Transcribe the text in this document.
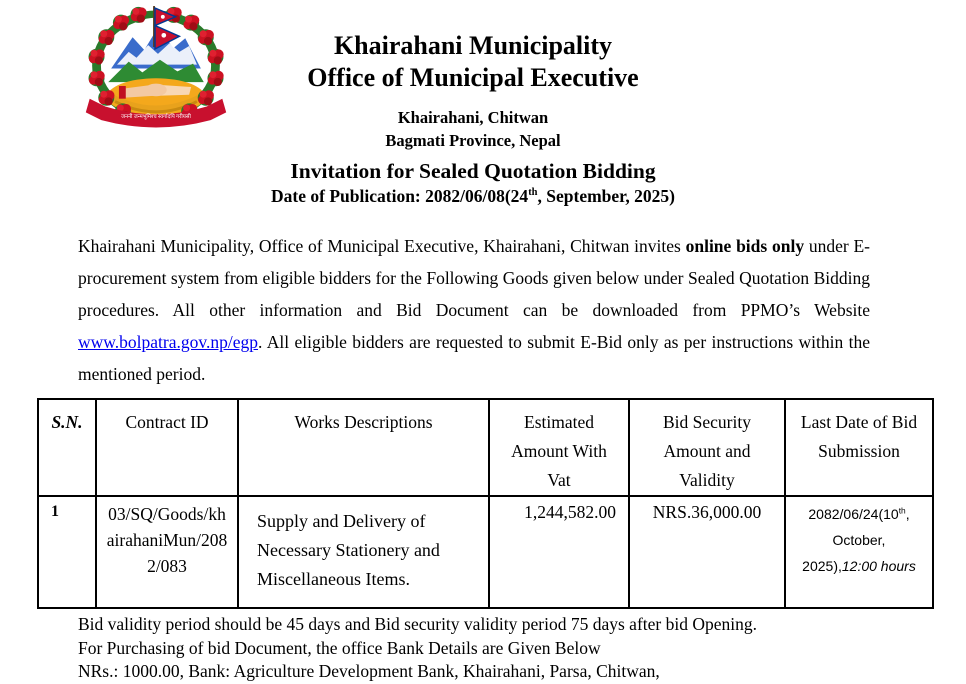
जननी जन्मभूमिश्च स्वर्गादपि गरीयसी
Khairahani Municipality
Office of Municipal Executive
Khairahani, Chitwan
Bagmati Province, Nepal
Invitation for Sealed Quotation Bidding
Date of Publication: 2082/06/08(24th, September, 2025)

Khairahani Municipality, Office of Municipal Executive, Khairahani, Chitwan invites online bids only under E-procurement system from eligible bidders for the Following Goods given below under Sealed Quotation Bidding procedures. All other information and Bid Document can be downloaded from PPMO’s Website www.bolpatra.gov.np/egp. All eligible bidders are requested to submit E-Bid only as per instructions within the mentioned period.

S.N.	Contract ID	Works Descriptions	Estimated Amount With Vat	Bid Security Amount and Validity	Last Date of Bid Submission
1	03/SQ/Goods/khairahaniMun/2082/083	Supply and Delivery of Necessary Stationery and Miscellaneous Items.	1,244,582.00	NRS.36,000.00	2082/06/24(10th, October, 2025),12:00 hours
Bid validity period should be 45 days and Bid security validity period 75 days after bid Opening.
For Purchasing of bid Document, the office Bank Details are Given Below
NRs.: 1000.00, Bank: Agriculture Development Bank, Khairahani, Parsa, Chitwan,
